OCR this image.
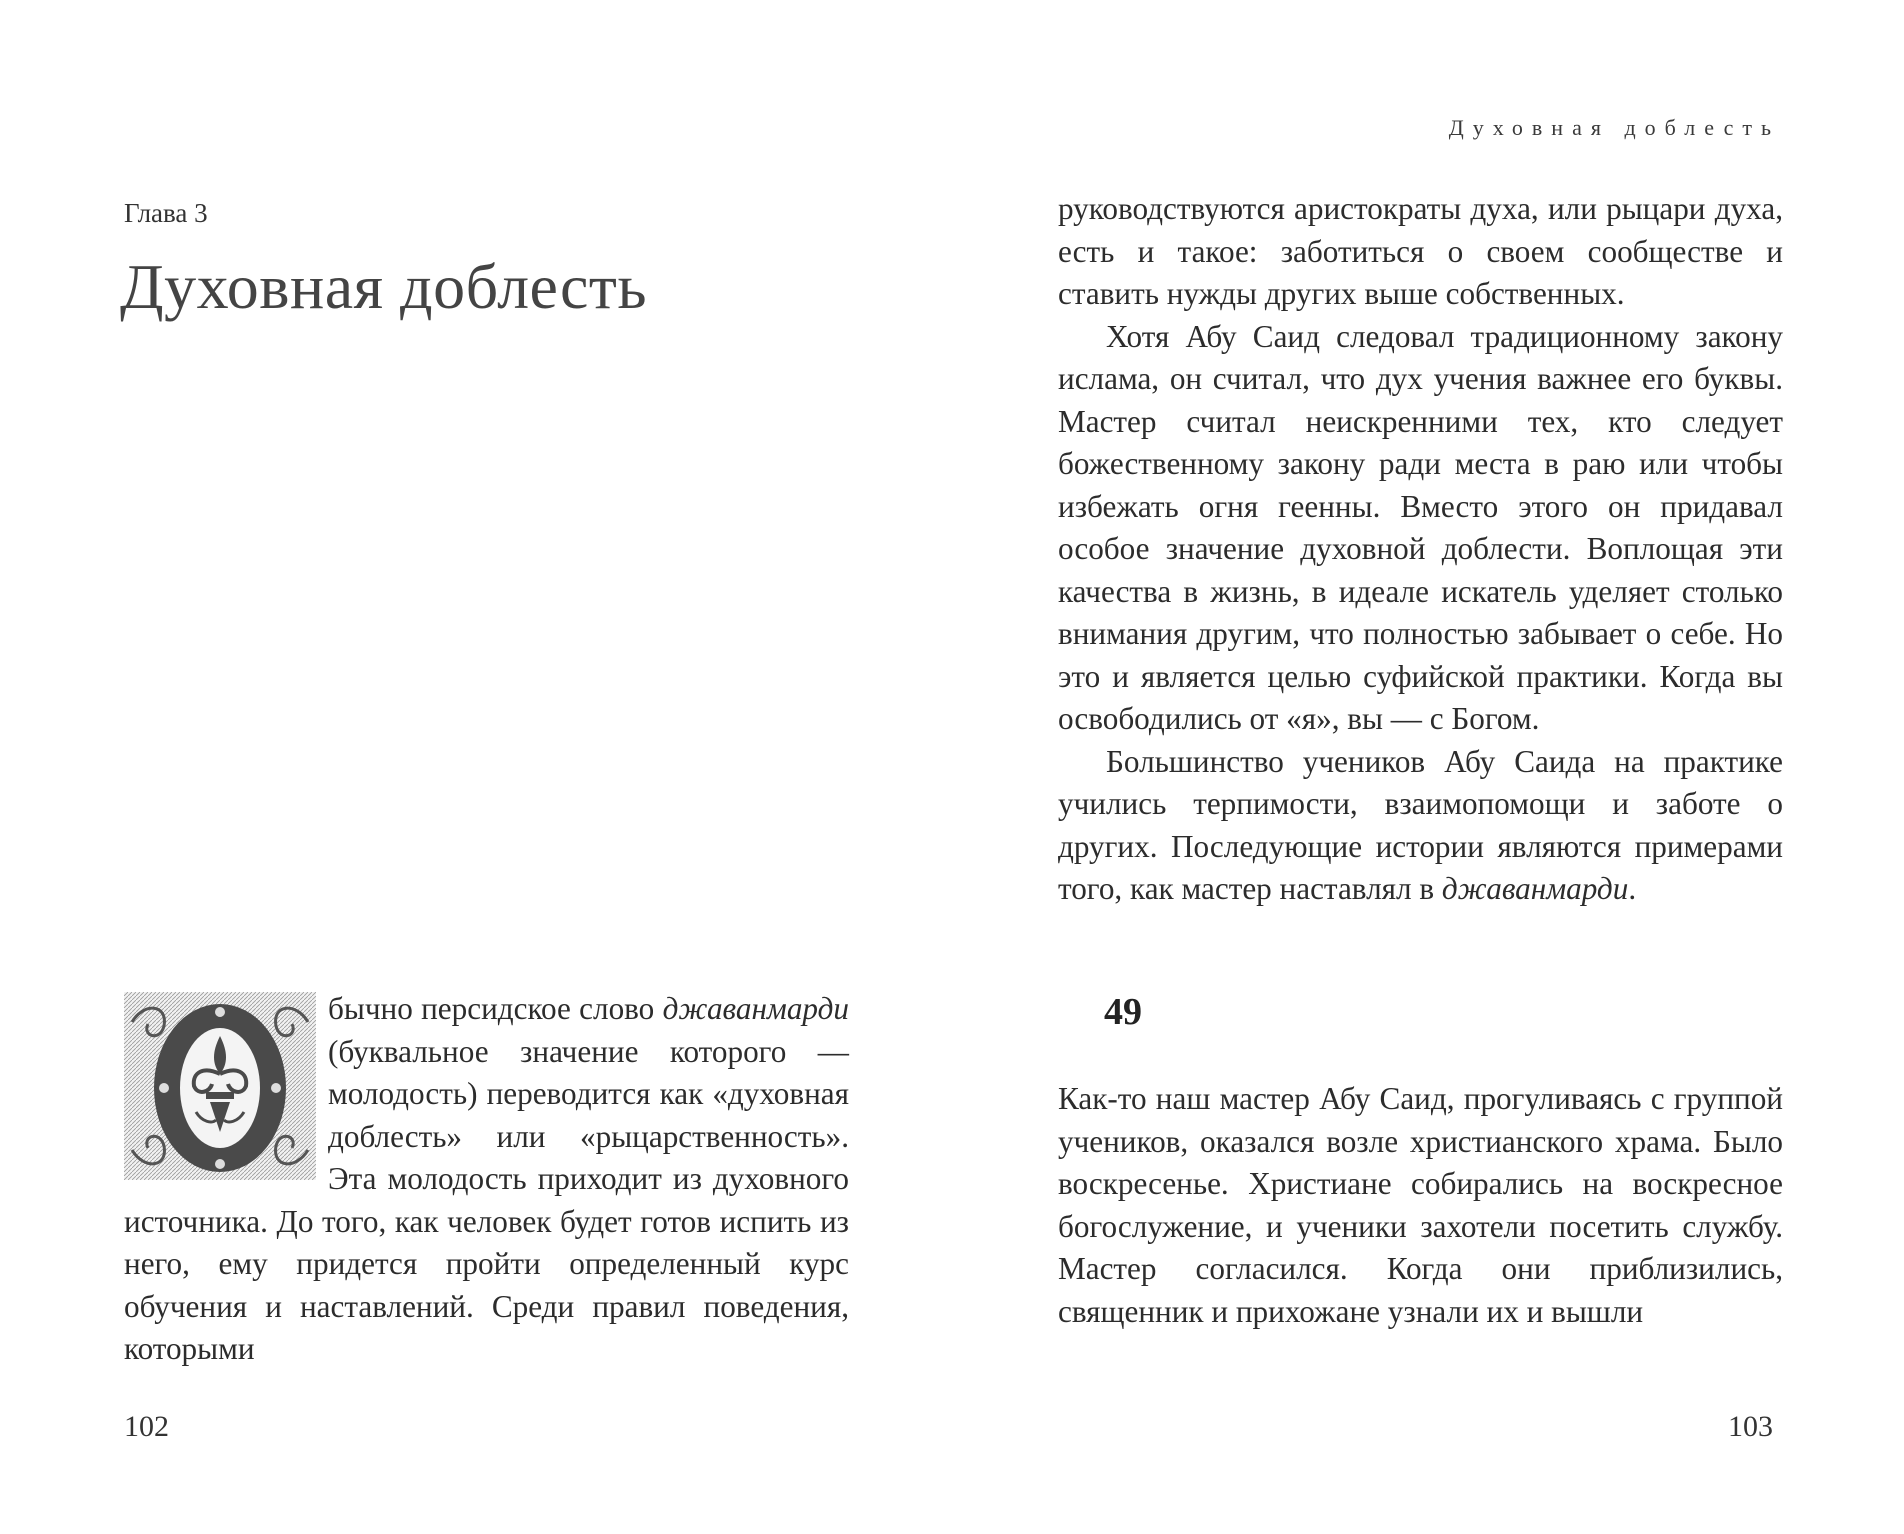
Глава 3
Духовная доблесть

бычно персидское слово джаванмарди (буквальное значение которого — молодость) переводится как «духовная доблесть» или «рыцарственность». Эта молодость приходит из духовного источника. До того, как человек будет готов испить из него, ему придется пройти определенный курс обучения и наставлений. Среди правил поведения, которыми

102
Духовная доблесть

руководствуются аристократы духа, или рыцари духа, есть и такое: заботиться о своем сообществе и ставить нужды других выше собственных.

Хотя Абу Саид следовал традиционному закону ислама, он считал, что дух учения важнее его буквы. Мастер считал неискренними тех, кто следует божественному закону ради места в раю или чтобы избежать огня геенны. Вместо этого он придавал особое значение духовной доблести. Воплощая эти качества в жизнь, в идеале искатель уделяет столько внимания другим, что полностью забывает о себе. Но это и является целью суфийской практики. Когда вы освободились от «я», вы — с Богом.

Большинство учеников Абу Саида на практике учились терпимости, взаимопомощи и заботе о других. Последующие истории являются примерами того, как мастер наставлял в джаванмарди.

49

Как-то наш мастер Абу Саид, прогуливаясь с группой учеников, оказался возле христианского храма. Было воскресенье. Христиане собирались на воскресное богослужение, и ученики захотели посетить службу. Мастер согласился. Когда они приблизились, священник и прихожане узнали их и вышли

103
